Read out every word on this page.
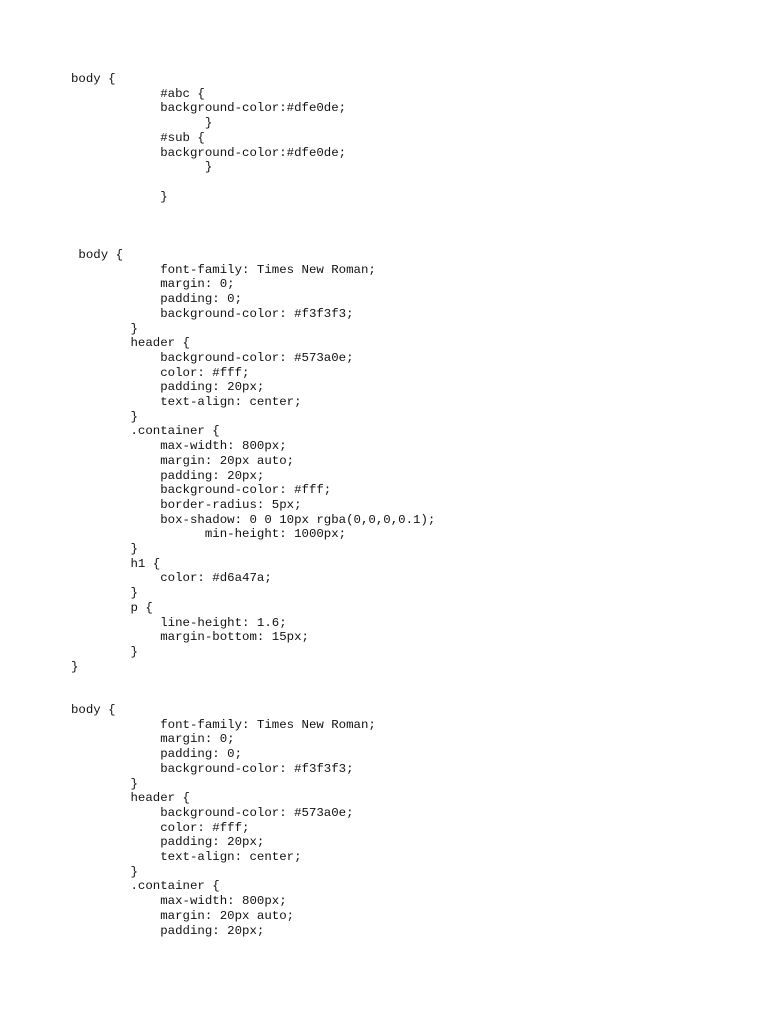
body {
#abc {
background-color:#dfe0de;
}
#sub {
background-color:#dfe0de;
}
}
body {
font-family: Times New Roman;
margin: 0;
padding: 0;
background-color: #f3f3f3;
}
header {
background-color: #573a0e;
color: #fff;
padding: 20px;
text-align: center;
}
.container {
max-width: 800px;
margin: 20px auto;
padding: 20px;
background-color: #fff;
border-radius: 5px;
box-shadow: 0 0 10px rgba(0,0,0,0.1);
min-height: 1000px;
}
h1 {
color: #d6a47a;
}
p {
line-height: 1.6;
margin-bottom: 15px;
}
}
body {
font-family: Times New Roman;
margin: 0;
padding: 0;
background-color: #f3f3f3;
}
header {
background-color: #573a0e;
color: #fff;
padding: 20px;
text-align: center;
}
.container {
max-width: 800px;
margin: 20px auto;
padding: 20px;
